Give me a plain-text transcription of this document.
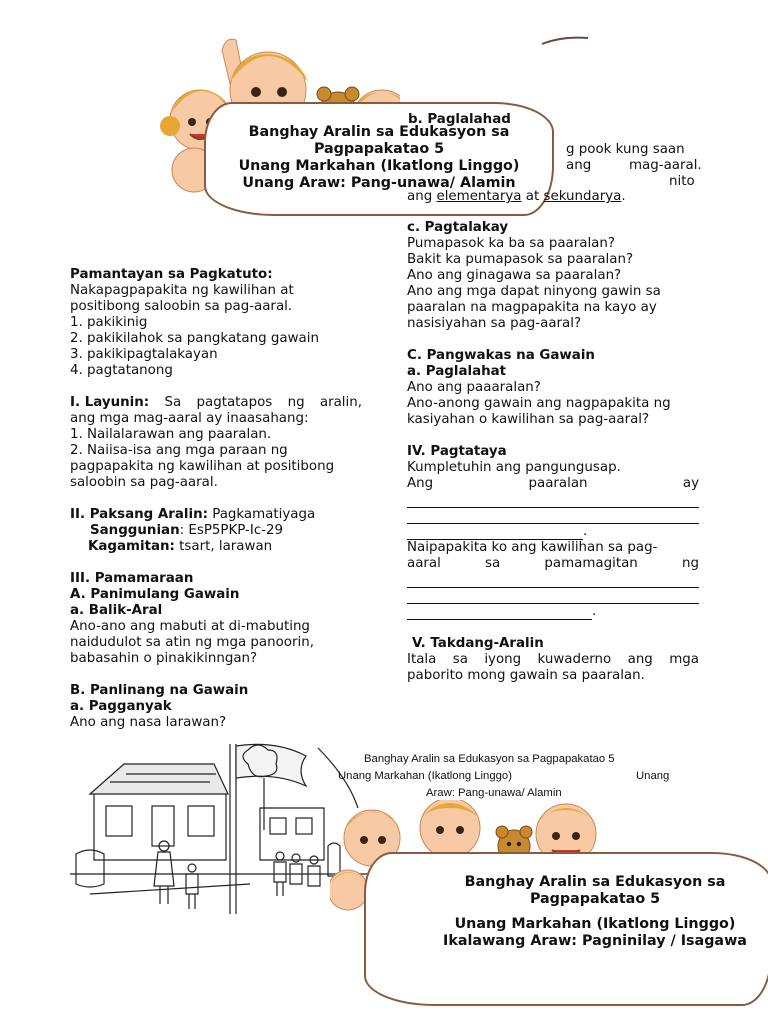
Banghay Aralin sa Edukasyon sa
Pagpapakatao 5
Unang Markahan (Ikatlong Linggo)
Unang Araw: Pang-unawa/ Alamin
b. Paglalahad
g pook kung saan
ang	mag-aaral.
nito
ang elementarya at sekundarya.
Pamantayan sa Pagkatuto:
Nakapagpapakita ng kawilihan at
positibong saloobin sa pag-aaral.
1. pakikinig
2. pakikilahok sa pangkatang gawain
3. pakikipagtalakayan
4. pagtatanong
I. Layunin: Sa pagtatapos ng aralin,
ang mga mag-aaral ay inaasahang:
1. Nailalarawan ang paaralan.
2. Naiisa-isa ang mga paraan ng
pagpapakita ng kawilihan at positibong
saloobin sa pag-aaral.
II. Paksang Aralin: Pagkamatiyaga
Sanggunian: EsP5PKP-Ic-29
Kagamitan: tsart, larawan
III. Pamamaraan
A. Panimulang Gawain
a. Balik-Aral
Ano-ano ang mabuti at di-mabuting
naidudulot sa atin ng mga panoorin,
babasahin o pinakikinngan?
B. Panlinang na Gawain
a. Pagganyak
Ano ang nasa larawan?
c. Pagtalakay
Pumapasok ka ba sa paaralan?
Bakit ka pumapasok sa paaralan?
Ano ang ginagawa sa paaralan?
Ano ang mga dapat ninyong gawin sa
paaralan na magpapakita na kayo ay
nasisiyahan sa pag-aaral?
C. Pangwakas na Gawain
a. Paglalahat
Ano ang paaaralan?
Ano-anong gawain ang nagpapakita ng
kasiyahan o kawilihan sa pag-aaral?
IV. Pagtataya
Kumpletuhin ang pangungusap.
Ang	paaralan	ay
.
Naipapakita ko ang kawilihan sa pag-
aaral	sa	pamamagitan	ng
.
V. Takdang-Aralin
Itala sa iyong kuwaderno ang mga
paborito mong gawain sa paaralan.
Banghay Aralin sa Edukasyon sa Pagpapakatao 5
Unang Markahan (Ikatlong Linggo)	Unang
Araw: Pang-unawa/ Alamin
Banghay Aralin sa Edukasyon sa
Pagpapakatao 5
Unang Markahan (Ikatlong Linggo)
Ikalawang Araw: Pagninilay / Isagawa
